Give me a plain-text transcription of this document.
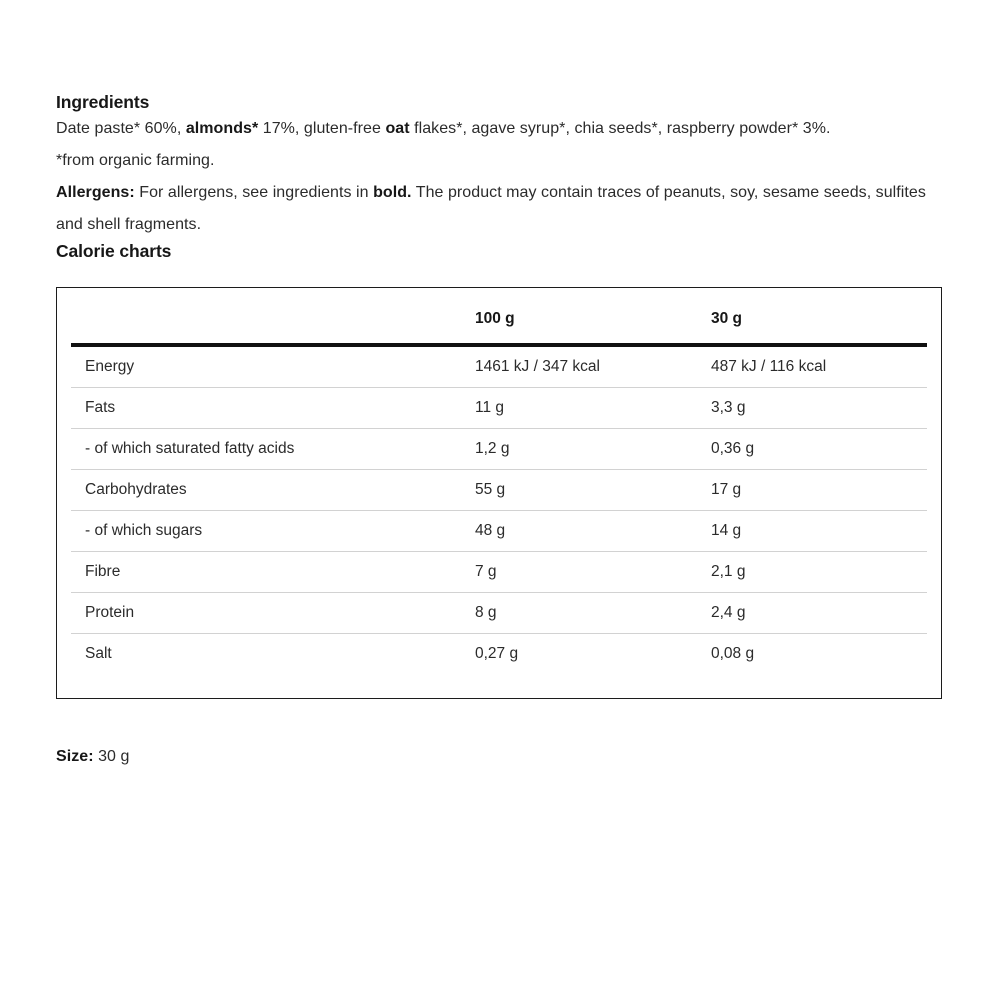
Ingredients

Date paste* 60%, almonds* 17%, gluten-free oat flakes*, agave syrup*, chia seeds*, raspberry powder* 3%.

*from organic farming.

Allergens: For allergens, see ingredients in bold. The product may contain traces of peanuts, soy, sesame seeds, sulfites and shell fragments.

Calorie charts
	100 g	30 g
Energy	1461 kJ / 347 kcal	487 kJ / 116 kcal
Fats	11 g	3,3 g
- of which saturated fatty acids	1,2 g	0,36 g
Carbohydrates	55 g	17 g
- of which sugars	48 g	14 g
Fibre	7 g	2,1 g
Protein	8 g	2,4 g
Salt	0,27 g	0,08 g
Size: 30 g
